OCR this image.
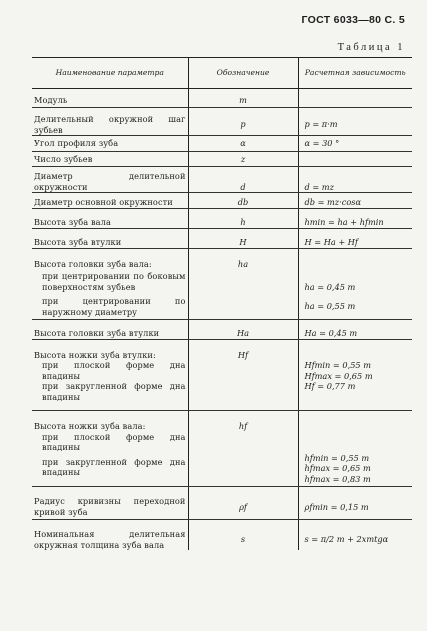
ГОСТ 6033—80 С. 5
Таблица 1
Наименование параметра	Обозначение	Расчетная зависимость

Модуль	m	

Делительный окружной шаг зубьев	p	p = π·m
Угол профиля зуба	α	α = 30 °
Число зубьев	z	
Диаметр делительной окружности	d	d = mz
Диаметр основной окружности	db	db = mz·cosα
Высота зуба вала	h	hmin = ha + hfmin
Высота зуба втулки	H	H = Ha + Hf
Высота головки зуба вала:	ha	
при центрировании по боковым поверхностям зубьев		ha = 0,45 m
при центрировании по наружному диаметру		ha = 0,55 m
Высота головки зуба втулки	Ha	Ha = 0,45 m
Высота ножки зуба втулки:	Hf	
при плоской форме дна впадины		Hfmin = 0,55 m
Hfmax = 0,65 m

при закругленной форме дна впадины		Hf = 0,77 m

Высота ножки зуба вала:	hf	
при плоской форме дна впадины		
при закругленной форме дна впадины		hfmin = 0,55 m
hfmax = 0,65 m
hfmax = 0,83 m

Радиус кривизны переходной кривой зуба	ρf	ρfmin = 0,15 m
Номинальная делительная окружная толщина зуба вала	s	s = π/2 m + 2xmtgα
